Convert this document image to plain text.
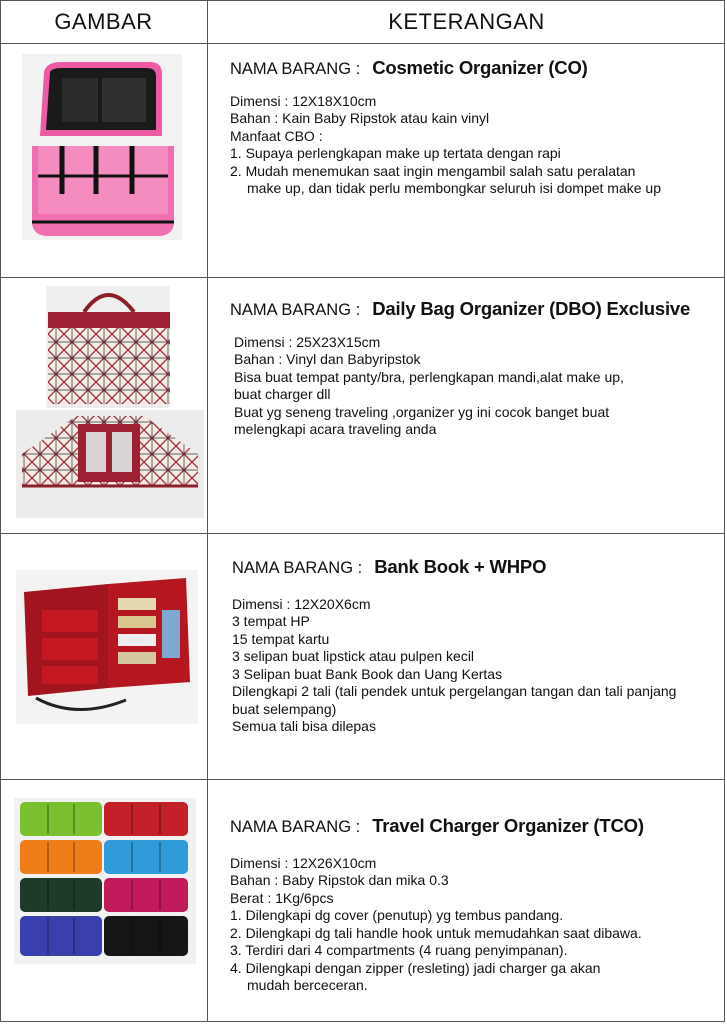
GAMBAR	KETERANGAN
NAMA BARANG : Cosmetic Organizer (CO)
Dimensi : 12X18X10cm
Bahan : Kain Baby Ripstok atau kain vinyl
Manfaat CBO :
1. Supaya perlengkapan make up tertata dengan rapi
2. Mudah menemukan saat ingin mengambil salah satu peralatan
make up, dan tidak perlu membongkar seluruh isi dompet make up
NAMA BARANG : Daily Bag Organizer (DBO) Exclusive
Dimensi : 25X23X15cm
Bahan : Vinyl dan Babyripstok
Bisa buat tempat panty/bra, perlengkapan mandi,alat make up,
buat charger dll
Buat yg seneng traveling ,organizer yg ini cocok banget buat
melengkapi acara traveling anda
NAMA BARANG : Bank Book + WHPO
Dimensi : 12X20X6cm
3 tempat HP
15 tempat kartu
3 selipan buat lipstick atau pulpen kecil
3 Selipan buat Bank Book dan Uang Kertas
Dilengkapi 2 tali (tali pendek untuk pergelangan tangan dan tali panjang
buat selempang)
Semua tali bisa dilepas
NAMA BARANG : Travel Charger Organizer (TCO)
Dimensi : 12X26X10cm
Bahan : Baby Ripstok dan mika 0.3
Berat : 1Kg/6pcs
1. Dilengkapi dg cover (penutup) yg tembus pandang.
2. Dilengkapi dg tali handle hook untuk memudahkan saat dibawa.
3. Terdiri dari 4 compartments (4 ruang penyimpanan).
4. Dilengkapi dengan zipper (resleting) jadi charger ga akan
mudah berceceran.
